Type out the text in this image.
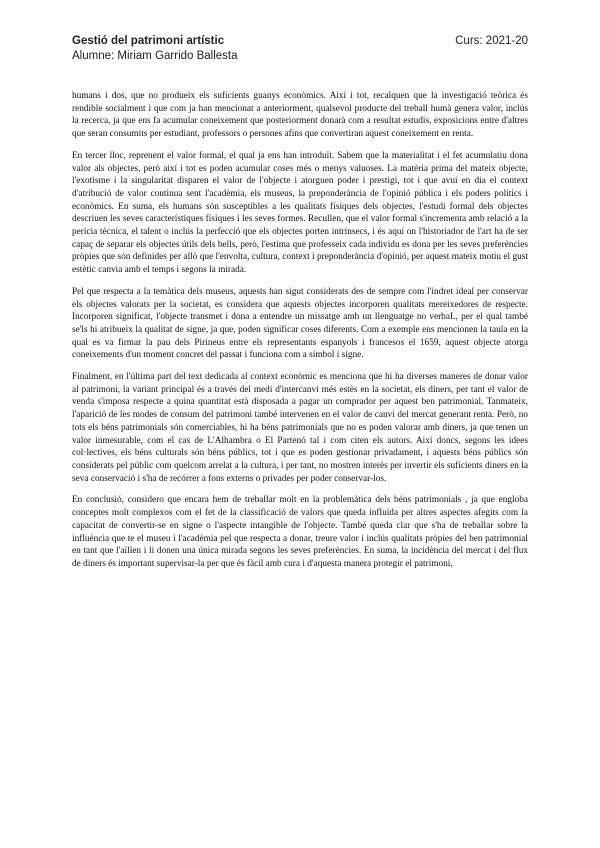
Gestió del patrimoni artístic	Curs: 2021-20
Alumne: Miriam Garrido Ballesta

humans i dos, que no produeix els suficients guanys econòmics. Així i tot, recalquen que la investigació teòrica és rendible socialment i que com ja han mencionat a anteriorment, qualsevol producte del treball humà genera valor, inclús la recerca, ja que ens fa acumular coneixement que posteriorment donarà com a resultat estudis, exposicions entre d'altres que seran consumits per estudiant, professors o persones afins que convertiran aquest coneixement en renta.

En tercer lloc, reprenent el valor formal, el qual ja ens han introduït. Sabem que la materialitat i el fet acumulatiu dona valor als objectes, però així i tot es poden acumular coses més o menys valuoses. La matèria prima del mateix objecte, l'exotisme i la singularitat disparen el valor de l'objecte i atorguen poder i prestigi, tot i que avui en dia el context d'atribució de valor continua sent l'acadèmia, els museus, la preponderància de l'opinió pública i els poders polítics i econòmics. En suma, els humans són susceptibles a les qualitats físiques dels objectes, l'estudi formal dels objectes descriuen les seves característiques físiques i les seves formes. Recullen, que el valor formal s'incrementa amb relació a la perícia tècnica, el talent o inclús la perfecció que els objectes porten intrínsecs, i és aquí on l'historiador de l'art ha de ser capaç de separar els objectes útils dels bells, però, l'estima que professeix cada individu es dona per les seves preferències pròpies que són definides per allò que l'envolta, cultura, context i preponderància d'opinió, per aquest mateix motiu el gust estètic canvia amb el temps i segons la mirada.

Pel que respecta a la temàtica dels museus, aquests han sigut considerats des de sempre com l'indret ideal per conservar els objectes valorats per la societat, es considera que aquests objectes incorporen qualitats mereixedores de respecte. Incorporen significat, l'objecte transmet i dona a entendre un missatge amb un llenguatge no verbaL, per el qual també se'ls hi atribueix la qualitat de signe, ja que, poden significar coses diferents. Com a exemple ens mencionen la taula en la qual es va firmar la pau dels Pirineus entre els representants espanyols i francesos el 1659, aquest objecte atorga coneixements d'un moment concret del passat i funciona com a símbol i signe.

Finalment, en l'última part del text dedicada al context econòmic es menciona que hi ha diverses maneres de donar valor al patrimoni, la variant principal és a través del medi d'intercanvi més estès en la societat, els diners, per tant el valor de venda s'imposa respecte a quina quantitat està disposada a pagar un comprador per aquest ben patrimonial. Tanmateix, l'aparició de les modes de consum del patrimoni també intervenen en el valor de canvi del mercat generant renta. Però, no tots els béns patrimonials són comerciables, hi ha béns patrimonials que no es poden valorar amb diners, ja que tenen un valor inmesurable, com el cas de L'Alhambra o El Partenó tal i com citen els autors. Així doncs, segons les idees col·lectives, els béns culturals són béns públics, tot i que es poden gestionar privadament, i aquests béns públics són considerats pel públic com quelcom arrelat a la cultura, i per tant, no mostren interès per invertir els suficients diners en la seva conservació i s'ha de recórrer a fons externs o privades per poder conservar-los.

En conclusió, considero que encara hem de treballar molt en la problemàtica dels béns patrimonials , ja que engloba conceptes molt complexos com el fet de la classificació de valors que queda influïda per altres aspectes afegits com la capacitat de convertir-se en signe o l'aspecte intangible de l'objecte. També queda clar que s'ha de treballar sobre la influència que te el museu i l'acadèmia pel que respecta a donar, treure valor i inclús qualitats pròpies del ben patrimonial en tant que l'aïllen i li donen una única mirada segons les seves preferències. En suma, la incidència del mercat i del flux de diners és important supervisar-la per que és fàcil amb cura i d'aquesta manera protegir el patrimoni,
